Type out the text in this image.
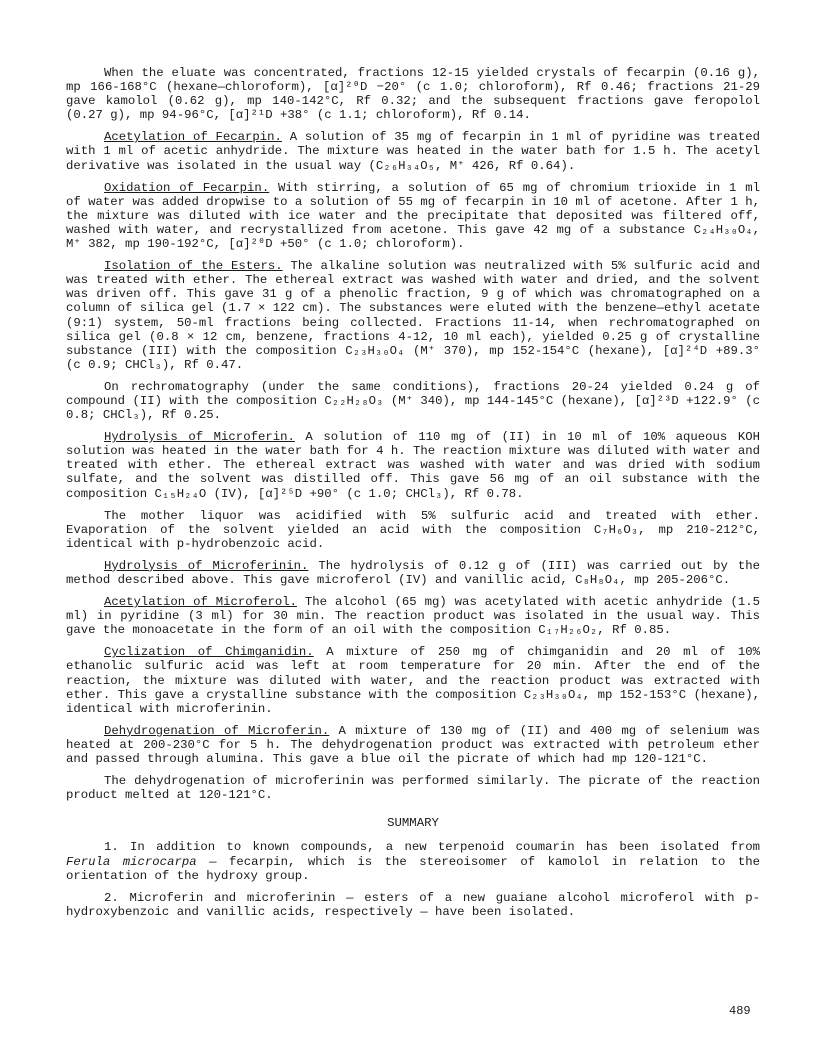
When the eluate was concentrated, fractions 12-15 yielded crystals of fecarpin (0.16 g), mp 166-168°C (hexane—chloroform), [α]²⁰D −20° (c 1.0; chloroform), Rf 0.46; fractions 21-29 gave kamolol (0.62 g), mp 140-142°C, Rf 0.32; and the subsequent fractions gave feropolol (0.27 g), mp 94-96°C, [α]²¹D +38° (c 1.1; chloroform), Rf 0.14.

Acetylation of Fecarpin. A solution of 35 mg of fecarpin in 1 ml of pyridine was treated with 1 ml of acetic anhydride. The mixture was heated in the water bath for 1.5 h. The acetyl derivative was isolated in the usual way (C₂₆H₃₄O₅, M⁺ 426, Rf 0.64).

Oxidation of Fecarpin. With stirring, a solution of 65 mg of chromium trioxide in 1 ml of water was added dropwise to a solution of 55 mg of fecarpin in 10 ml of acetone. After 1 h, the mixture was diluted with ice water and the precipitate that deposited was filtered off, washed with water, and recrystallized from acetone. This gave 42 mg of a substance C₂₄H₃₀O₄, M⁺ 382, mp 190-192°C, [α]²⁰D +50° (c 1.0; chloroform).

Isolation of the Esters. The alkaline solution was neutralized with 5% sulfuric acid and was treated with ether. The ethereal extract was washed with water and dried, and the solvent was driven off. This gave 31 g of a phenolic fraction, 9 g of which was chromatographed on a column of silica gel (1.7 × 122 cm). The substances were eluted with the benzene—ethyl acetate (9:1) system, 50-ml fractions being collected. Fractions 11-14, when rechromatographed on silica gel (0.8 × 12 cm, benzene, fractions 4-12, 10 ml each), yielded 0.25 g of crystalline substance (III) with the composition C₂₃H₃₀O₄ (M⁺ 370), mp 152-154°C (hexane), [α]²⁴D +89.3° (c 0.9; CHCl₃), Rf 0.47.

On rechromatography (under the same conditions), fractions 20-24 yielded 0.24 g of compound (II) with the composition C₂₂H₂₈O₃ (M⁺ 340), mp 144-145°C (hexane), [α]²³D +122.9° (c 0.8; CHCl₃), Rf 0.25.

Hydrolysis of Microferin. A solution of 110 mg of (II) in 10 ml of 10% aqueous KOH solution was heated in the water bath for 4 h. The reaction mixture was diluted with water and treated with ether. The ethereal extract was washed with water and was dried with sodium sulfate, and the solvent was distilled off. This gave 56 mg of an oil substance with the composition C₁₅H₂₄O (IV), [α]²⁵D +90° (c 1.0; CHCl₃), Rf 0.78.

The mother liquor was acidified with 5% sulfuric acid and treated with ether. Evaporation of the solvent yielded an acid with the composition C₇H₆O₃, mp 210-212°C, identical with p-hydrobenzoic acid.

Hydrolysis of Microferinin. The hydrolysis of 0.12 g of (III) was carried out by the method described above. This gave microferol (IV) and vanillic acid, C₈H₈O₄, mp 205-206°C.

Acetylation of Microferol. The alcohol (65 mg) was acetylated with acetic anhydride (1.5 ml) in pyridine (3 ml) for 30 min. The reaction product was isolated in the usual way. This gave the monoacetate in the form of an oil with the composition C₁₇H₂₆O₂, Rf 0.85.

Cyclization of Chimganidin. A mixture of 250 mg of chimganidin and 20 ml of 10% ethanolic sulfuric acid was left at room temperature for 20 min. After the end of the reaction, the mixture was diluted with water, and the reaction product was extracted with ether. This gave a crystalline substance with the composition C₂₃H₃₀O₄, mp 152-153°C (hexane), identical with microferinin.

Dehydrogenation of Microferin. A mixture of 130 mg of (II) and 400 mg of selenium was heated at 200-230°C for 5 h. The dehydrogenation product was extracted with petroleum ether and passed through alumina. This gave a blue oil the picrate of which had mp 120-121°C.

The dehydrogenation of microferinin was performed similarly. The picrate of the reaction product melted at 120-121°C.

SUMMARY

1. In addition to known compounds, a new terpenoid coumarin has been isolated from Ferula microcarpa — fecarpin, which is the stereoisomer of kamolol in relation to the orientation of the hydroxy group.

2. Microferin and microferinin — esters of a new guaiane alcohol microferol with p-hydroxybenzoic and vanillic acids, respectively — have been isolated.

489
